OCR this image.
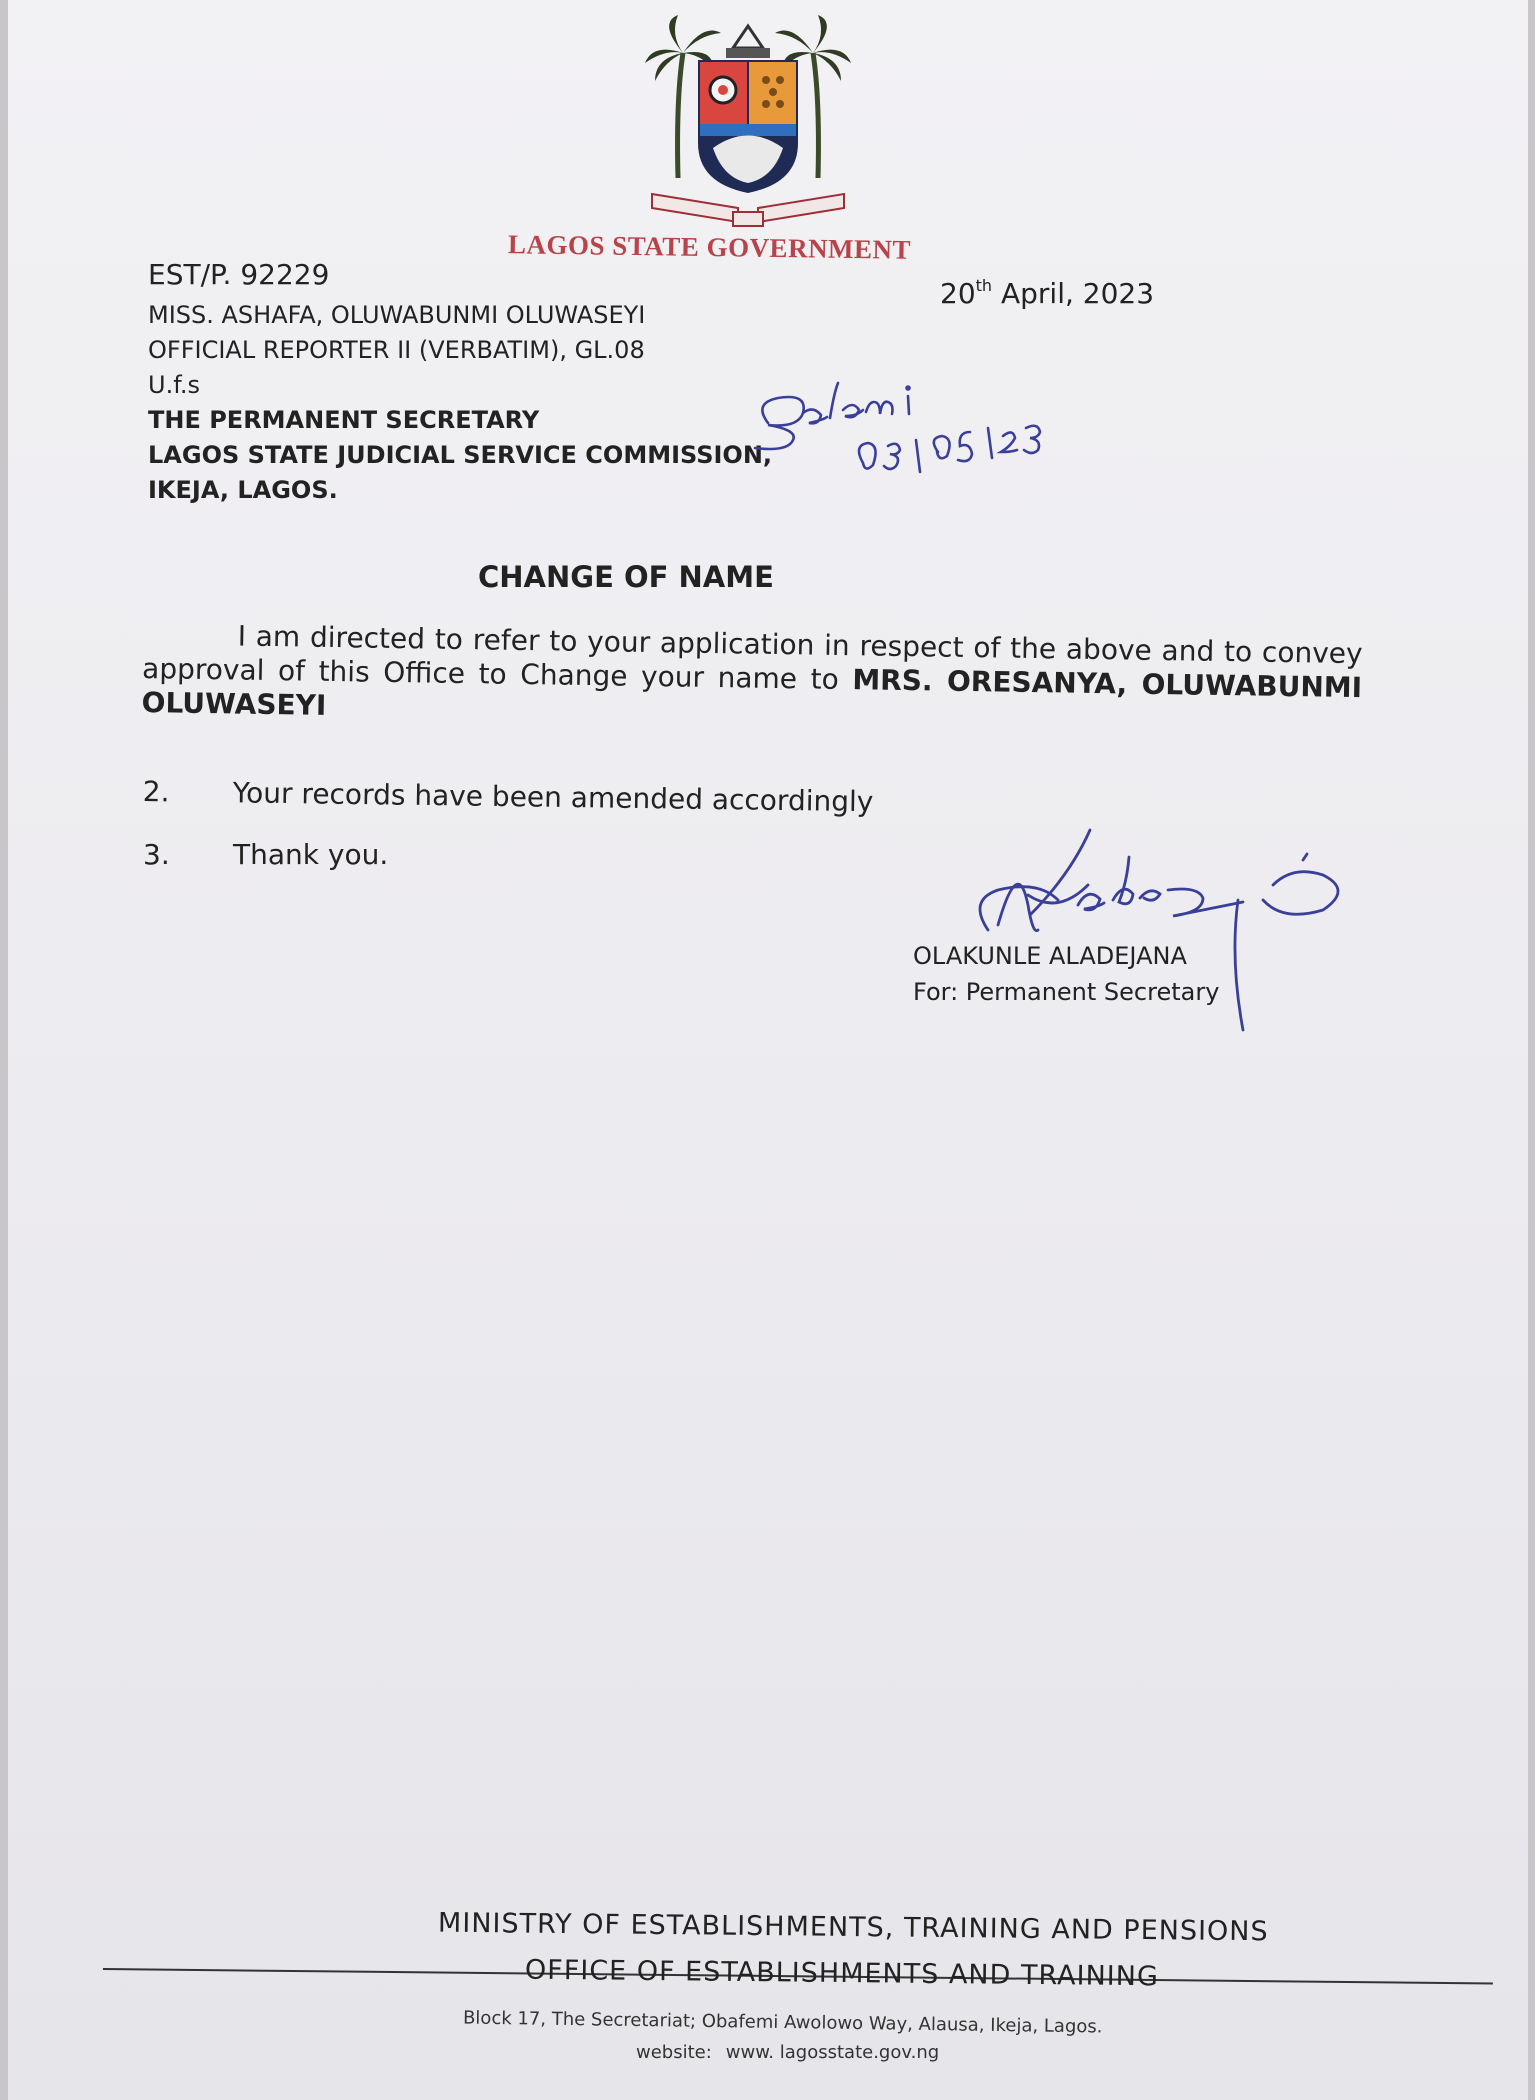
LAGOS STATE GOVERNMENT
EST/P. 92229
20th April, 2023
MISS. ASHAFA, OLUWABUNMI OLUWASEYI
OFFICIAL REPORTER II (VERBATIM), GL.08
U.f.s
THE PERMANENT SECRETARY
LAGOS STATE JUDICIAL SERVICE COMMISSION,
IKEJA, LAGOS.
CHANGE OF NAME
I am directed to refer to your application in respect of the above and to convey approval of this Office to Change your name to MRS. ORESANYA, OLUWABUNMI OLUWASEYI
2. Your records have been amended accordingly
3. Thank you.
OLAKUNLE ALADEJANA
For: Permanent Secretary
MINISTRY OF ESTABLISHMENTS, TRAINING AND PENSIONS
OFFICE OF ESTABLISHMENTS AND TRAINING
Block 17, The Secretariat; Obafemi Awolowo Way, Alausa, Ikeja, Lagos.
website: www. lagosstate.gov.ng
